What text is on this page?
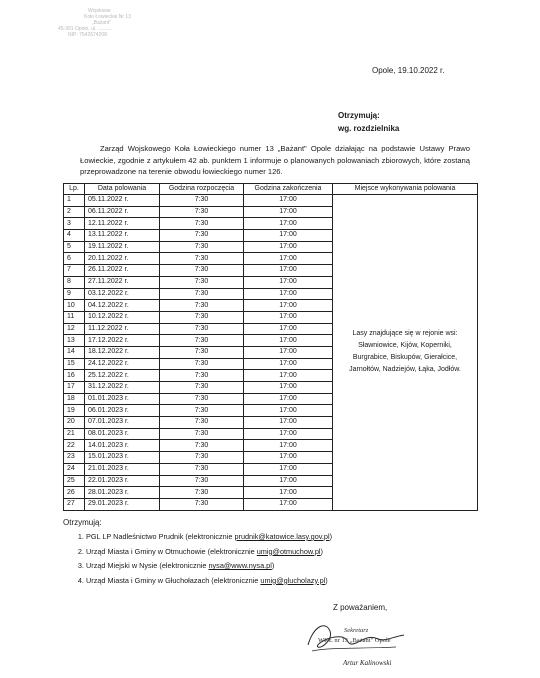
Wojskowe
Koło Łowieckie Nr 13
„Bażant"
45-301 Opole, ul. ..........
NIP: 7542674208
Opole, 19.10.2022 r.
Otrzymują:
wg. rozdzielnika
Zarząd Wojskowego Koła Łowieckiego numer 13 „Bażant" Opole działając na podstawie Ustawy Prawo Łowieckie, zgodnie z artykułem 42 ab. punktem 1 informuje o planowanych polowaniach zbiorowych, które zostaną przeprowadzone na terenie obwodu łowieckiego numer 126.
Lp.	Data polowania	Godzina rozpoczęcia	Godzina zakończenia	Miejsce wykonywania polowania
1	05.11.2022 r.	7:30	17:00	Lasy znajdujące się w rejonie wsi: Sławniowice, Kijów, Koperniki, Burgrabice, Biskupów, Gierałcice, Jarnołtów, Nadziejów, Łąka, Jodłów.
2	06.11.2022 r.	7:30	17:00	
3	12.11.2022 r.	7:30	17:00	
4	13.11.2022 r.	7:30	17:00	
5	19.11.2022 r.	7:30	17:00	
6	20.11.2022 r.	7:30	17:00	
7	26.11.2022 r.	7:30	17:00	
8	27.11.2022 r.	7:30	17:00	
9	03.12.2022 r.	7:30	17:00	
10	04.12.2022 r.	7:30	17:00	
11	10.12.2022 r.	7:30	17:00	
12	11.12.2022 r.	7:30	17:00	
13	17.12.2022 r.	7:30	17:00	
14	18.12.2022 r.	7:30	17:00	
15	24.12.2022 r.	7:30	17:00	
16	25.12.2022 r.	7:30	17:00	
17	31.12.2022 r.	7:30	17:00	
18	01.01.2023 r.	7:30	17:00	
19	06.01.2023 r.	7:30	17:00	
20	07.01.2023 r.	7:30	17:00	
21	08.01.2023 r.	7:30	17:00	
22	14.01.2023 r.	7:30	17:00	
23	15.01.2023 r.	7:30	17:00	
24	21.01.2023 r.	7:30	17:00	
25	22.01.2023 r.	7:30	17:00	
26	28.01.2023 r.	7:30	17:00	
27	29.01.2023 r.	7:30	17:00	
Otrzymują:
1. PGL LP Nadleśnictwo Prudnik (elektronicznie prudnik@katowice.lasy.gov.pl)
2. Urząd Miasta i Gminy w Otmuchowie (elektronicznie umig@otmuchow.pl)
3. Urząd Miejski w Nysie (elektronicznie nysa@www.nysa.pl)
4. Urząd Miasta i Gminy w Głuchołazach (elektronicznie umig@glucholazy.pl)
Z poważaniem,
Sekretarz
WKŁ nr 13 „Bażant" Opole
Artur Kalinowski
